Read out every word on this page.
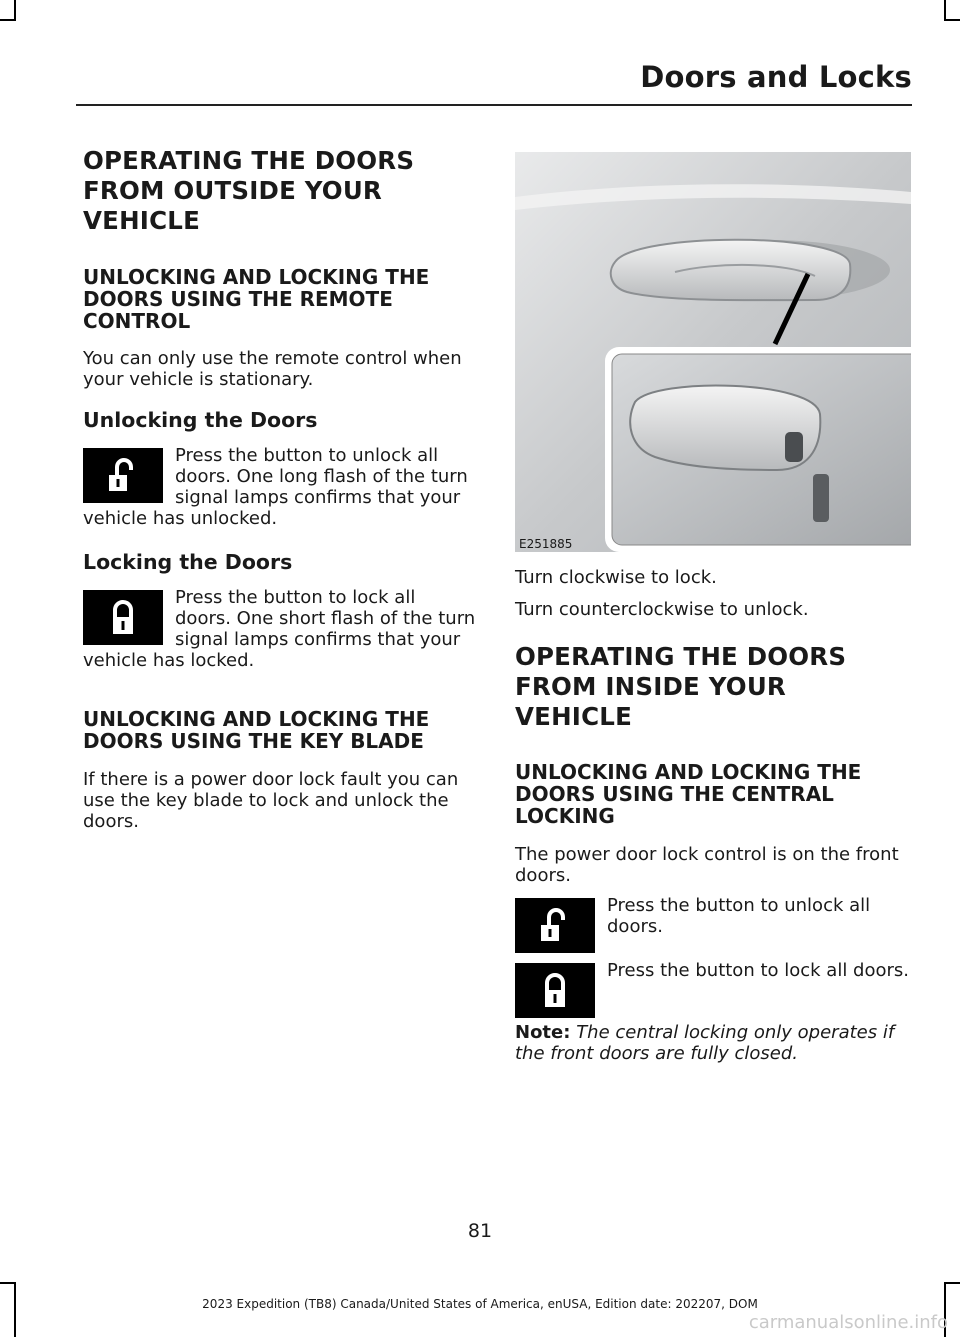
Doors and Locks
OPERATING THE DOORS
FROM OUTSIDE YOUR
VEHICLE
UNLOCKING AND LOCKING THE DOORS USING THE REMOTE CONTROL

You can only use the remote control when your vehicle is stationary.

Unlocking the Doors

Press the button to unlock all doors. One long flash of the turn signal lamps confirms that your vehicle has unlocked.

Locking the Doors

Press the button to lock all doors. One short flash of the turn signal lamps confirms that your vehicle has locked.

UNLOCKING AND LOCKING THE DOORS USING THE KEY BLADE

If there is a power door lock fault you can use the key blade to lock and unlock the doors.

E251885

Turn clockwise to lock.

Turn counterclockwise to unlock.

OPERATING THE DOORS
FROM INSIDE YOUR VEHICLE
UNLOCKING AND LOCKING THE DOORS USING THE CENTRAL LOCKING

The power door lock control is on the front doors.

Press the button to unlock all doors.

Press the button to lock all doors.

Note: The central locking only operates if the front doors are fully closed.

81
2023 Expedition (TB8) Canada/United States of America, enUSA, Edition date: 202207, DOM
carmanualsonline.info
